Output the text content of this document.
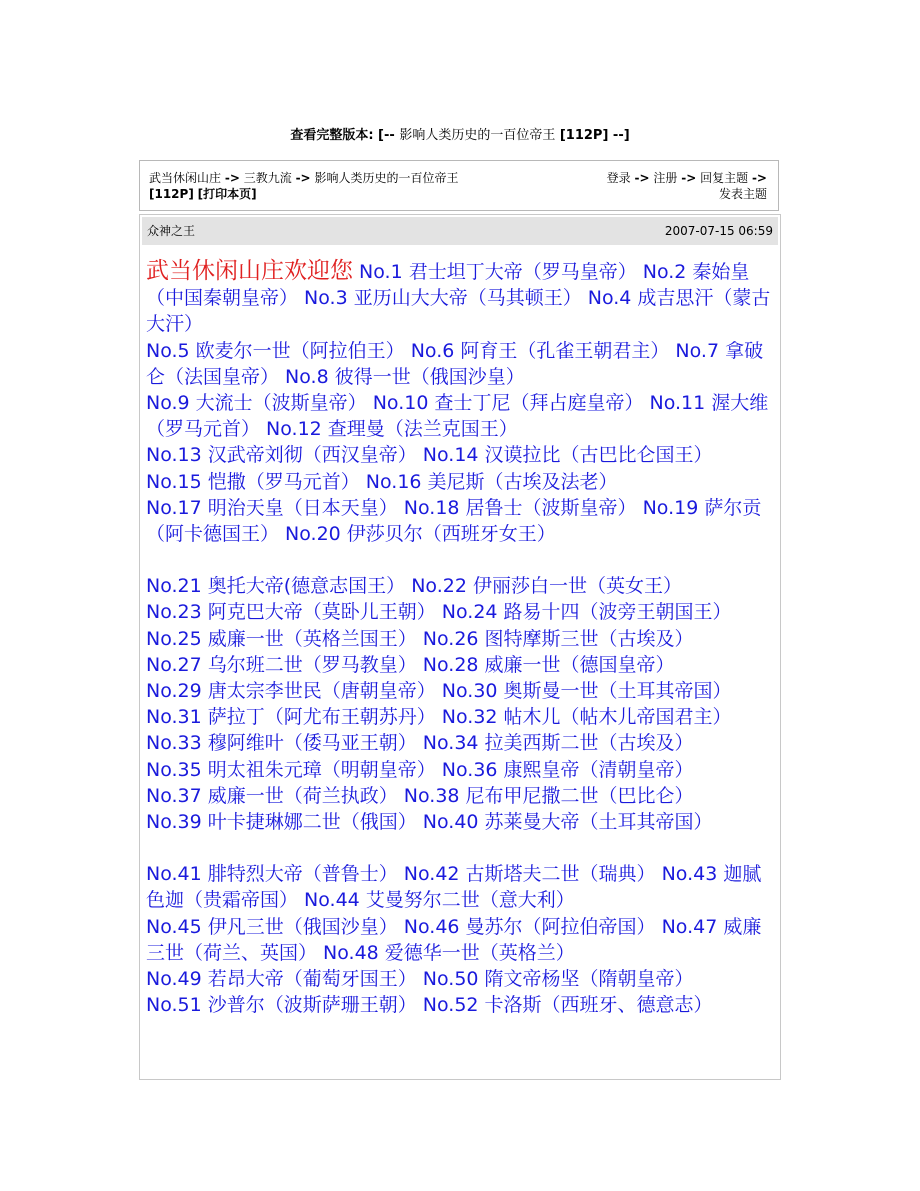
查看完整版本: [-- 影响人类历史的一百位帝王 [112P] --]
武当休闲山庄 -> 三教九流 -> 影响人类历史的一百位帝王
[112P] [打印本页]
登录 -> 注册 -> 回复主题 ->
发表主题
众神之王	2007-07-15 06:59
武当休闲山庄欢迎您 No.1 君士坦丁大帝（罗马皇帝） No.2 秦始皇（中国秦朝皇帝） No.3 亚历山大大帝（马其顿王） No.4 成吉思汗（蒙古大汗）
No.5 欧麦尔一世（阿拉伯王） No.6 阿育王（孔雀王朝君主） No.7 拿破仑（法国皇帝） No.8 彼得一世（俄国沙皇）
No.9 大流士（波斯皇帝） No.10 查士丁尼（拜占庭皇帝） No.11 渥大维（罗马元首） No.12 查理曼（法兰克国王）
No.13 汉武帝刘彻（西汉皇帝） No.14 汉谟拉比（古巴比仑国王）
No.15 恺撒（罗马元首） No.16 美尼斯（古埃及法老）
No.17 明治天皇（日本天皇） No.18 居鲁士（波斯皇帝） No.19 萨尔贡（阿卡德国王） No.20 伊莎贝尔（西班牙女王）
No.21 奥托大帝(德意志国王） No.22 伊丽莎白一世（英女王）
No.23 阿克巴大帝（莫卧儿王朝） No.24 路易十四（波旁王朝国王）
No.25 威廉一世（英格兰国王） No.26 图特摩斯三世（古埃及）
No.27 乌尔班二世（罗马教皇） No.28 威廉一世（德国皇帝）
No.29 唐太宗李世民（唐朝皇帝） No.30 奥斯曼一世（土耳其帝国） No.31 萨拉丁（阿尤布王朝苏丹） No.32 帖木儿（帖木儿帝国君主）
No.33 穆阿维叶（倭马亚王朝） No.34 拉美西斯二世（古埃及）
No.35 明太祖朱元璋（明朝皇帝） No.36 康熙皇帝（清朝皇帝）
No.37 威廉一世（荷兰执政） No.38 尼布甲尼撒二世（巴比仑）
No.39 叶卡捷琳娜二世（俄国） No.40 苏莱曼大帝（土耳其帝国）
No.41 腓特烈大帝（普鲁士） No.42 古斯塔夫二世（瑞典） No.43 迦腻色迦（贵霜帝国） No.44 艾曼努尔二世（意大利）
No.45 伊凡三世（俄国沙皇） No.46 曼苏尔（阿拉伯帝国） No.47 威廉三世（荷兰、英国） No.48 爱德华一世（英格兰）
No.49 若昂大帝（葡萄牙国王） No.50 隋文帝杨坚（隋朝皇帝）
No.51 沙普尔（波斯萨珊王朝） No.52 卡洛斯（西班牙、德意志）
